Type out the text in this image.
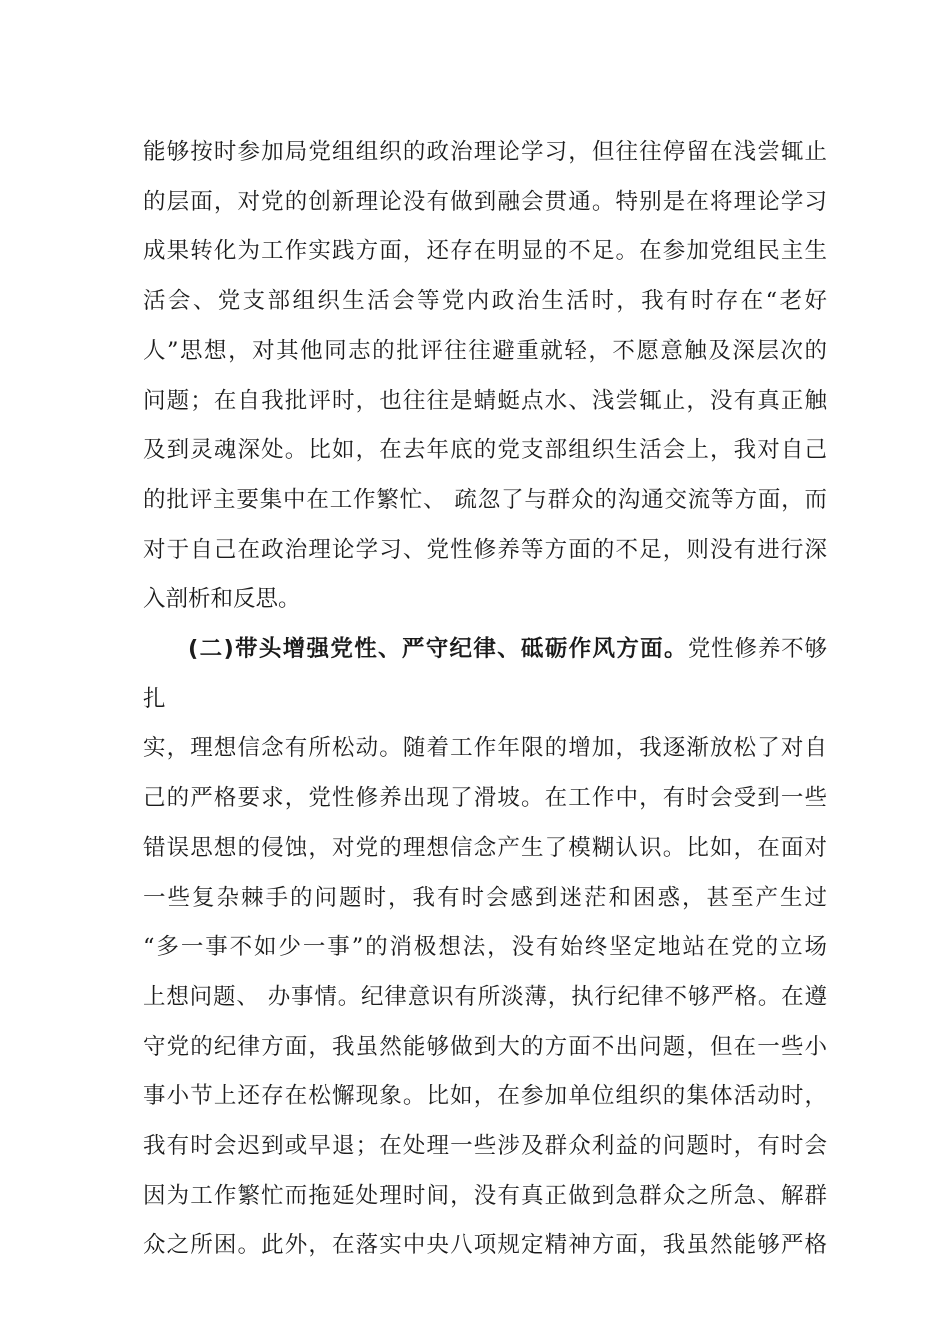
能够按时参加局党组组织的政治理论学习，但往往停留在浅尝辄止
的层面，对党的创新理论没有做到融会贯通。特别是在将理论学习
成果转化为工作实践方面，还存在明显的不足。在参加党组民主生
活会、党支部组织生活会等党内政治生活时，我有时存在“老好
人”思想，对其他同志的批评往往避重就轻，不愿意触及深层次的
问题；在自我批评时，也往往是蜻蜓点水、浅尝辄止，没有真正触
及到灵魂深处。比如，在去年底的党支部组织生活会上，我对自己
的批评主要集中在工作繁忙、 疏忽了与群众的沟通交流等方面，而
对于自己在政治理论学习、党性修养等方面的不足，则没有进行深
入剖析和反思。
(二)带头增强党性、严守纪律、砥砺作风方面。党性修养不够扎
实，理想信念有所松动。随着工作年限的增加，我逐渐放松了对自
己的严格要求，党性修养出现了滑坡。在工作中，有时会受到一些
错误思想的侵蚀，对党的理想信念产生了模糊认识。比如，在面对
一些复杂棘手的问题时，我有时会感到迷茫和困惑，甚至产生过
“多一事不如少一事”的消极想法，没有始终坚定地站在党的立场
上想问题、 办事情。纪律意识有所淡薄，执行纪律不够严格。在遵
守党的纪律方面，我虽然能够做到大的方面不出问题，但在一些小
事小节上还存在松懈现象。比如，在参加单位组织的集体活动时，
我有时会迟到或早退；在处理一些涉及群众利益的问题时，有时会
因为工作繁忙而拖延处理时间，没有真正做到急群众之所急、解群
众之所困。此外，在落实中央八项规定精神方面，我虽然能够严格
